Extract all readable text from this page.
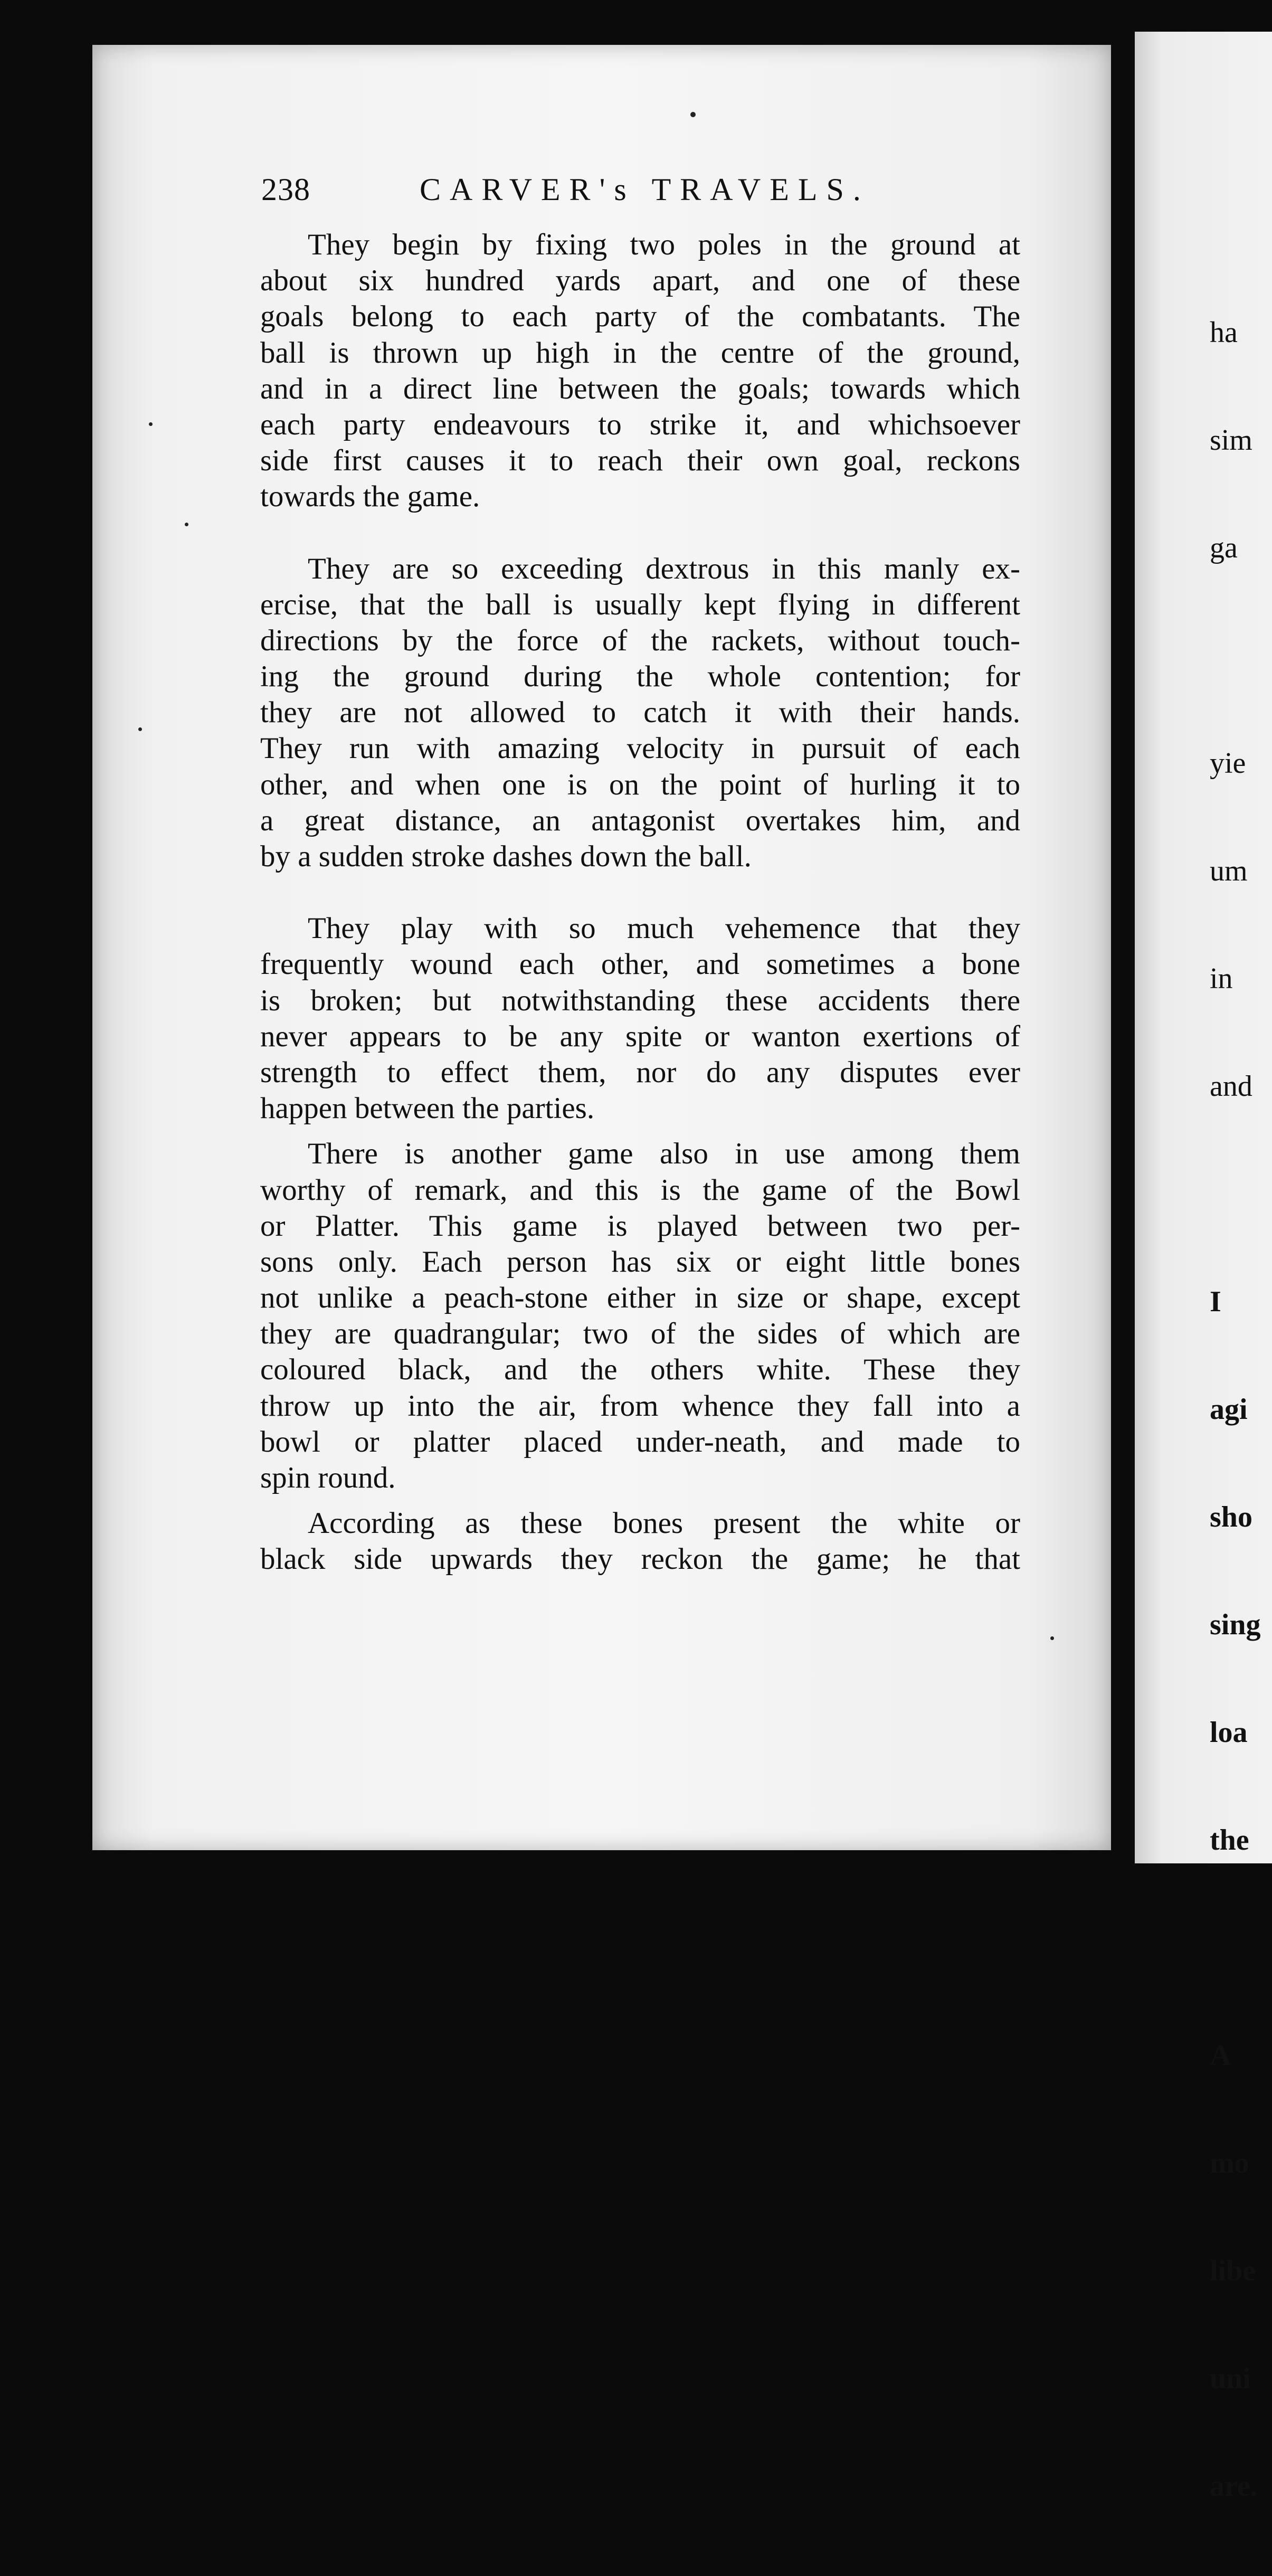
238	CARVER's TRAVELS.
They begin by fixing two poles in the ground at
about six hundred yards apart, and one of these
goals belong to each party of the combatants. The
ball is thrown up high in the centre of the ground,
and in a direct line between the goals; towards which
each party endeavours to strike it, and whichsoever
side first causes it to reach their own goal, reckons
towards the game.
They are so exceeding dextrous in this manly ex-
ercise, that the ball is usually kept flying in different
directions by the force of the rackets, without touch-
ing the ground during the whole contention; for
they are not allowed to catch it with their hands.
They run with amazing velocity in pursuit of each
other, and when one is on the point of hurling it to
a great distance, an antagonist overtakes him, and
by a sudden stroke dashes down the ball.
They play with so much vehemence that they
frequently wound each other, and sometimes a bone
is broken; but notwithstanding these accidents there
never appears to be any spite or wanton exertions of
strength to effect them, nor do any disputes ever
happen between the parties.
There is another game also in use among them
worthy of remark, and this is the game of the Bowl
or Platter. This game is played between two per-
sons only. Each person has six or eight little bones
not unlike a peach-stone either in size or shape, except
they are quadrangular; two of the sides of which are
coloured black, and the others white. These they
throw up into the air, from whence they fall into a
bowl or platter placed under-neath, and made to
spin round.
According as these bones present the white or
black side upwards they reckon the game; he that

ha

sim

ga

yie

um

in

and

I

agi

sho

sing

loa

the

A

mo

libe

uni

are.
